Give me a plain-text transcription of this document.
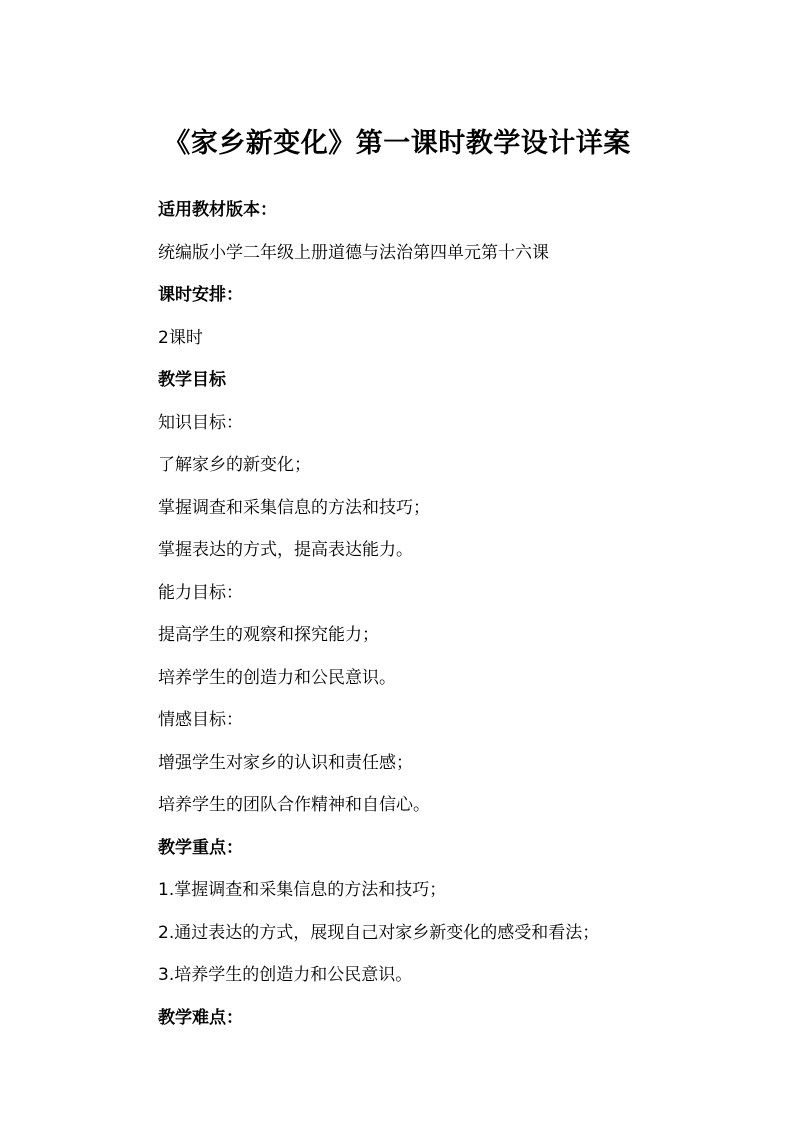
《家乡新变化》第一课时教学设计详案

适用教材版本：

统编版小学二年级上册道德与法治第四单元第十六课

课时安排：

2课时

教学目标

知识目标：

了解家乡的新变化；

掌握调查和采集信息的方法和技巧；

掌握表达的方式，提高表达能力。

能力目标：

提高学生的观察和探究能力；

培养学生的创造力和公民意识。

情感目标：

增强学生对家乡的认识和责任感；

培养学生的团队合作精神和自信心。

教学重点：

1.掌握调查和采集信息的方法和技巧；

2.通过表达的方式，展现自己对家乡新变化的感受和看法；

3.培养学生的创造力和公民意识。

教学难点：
